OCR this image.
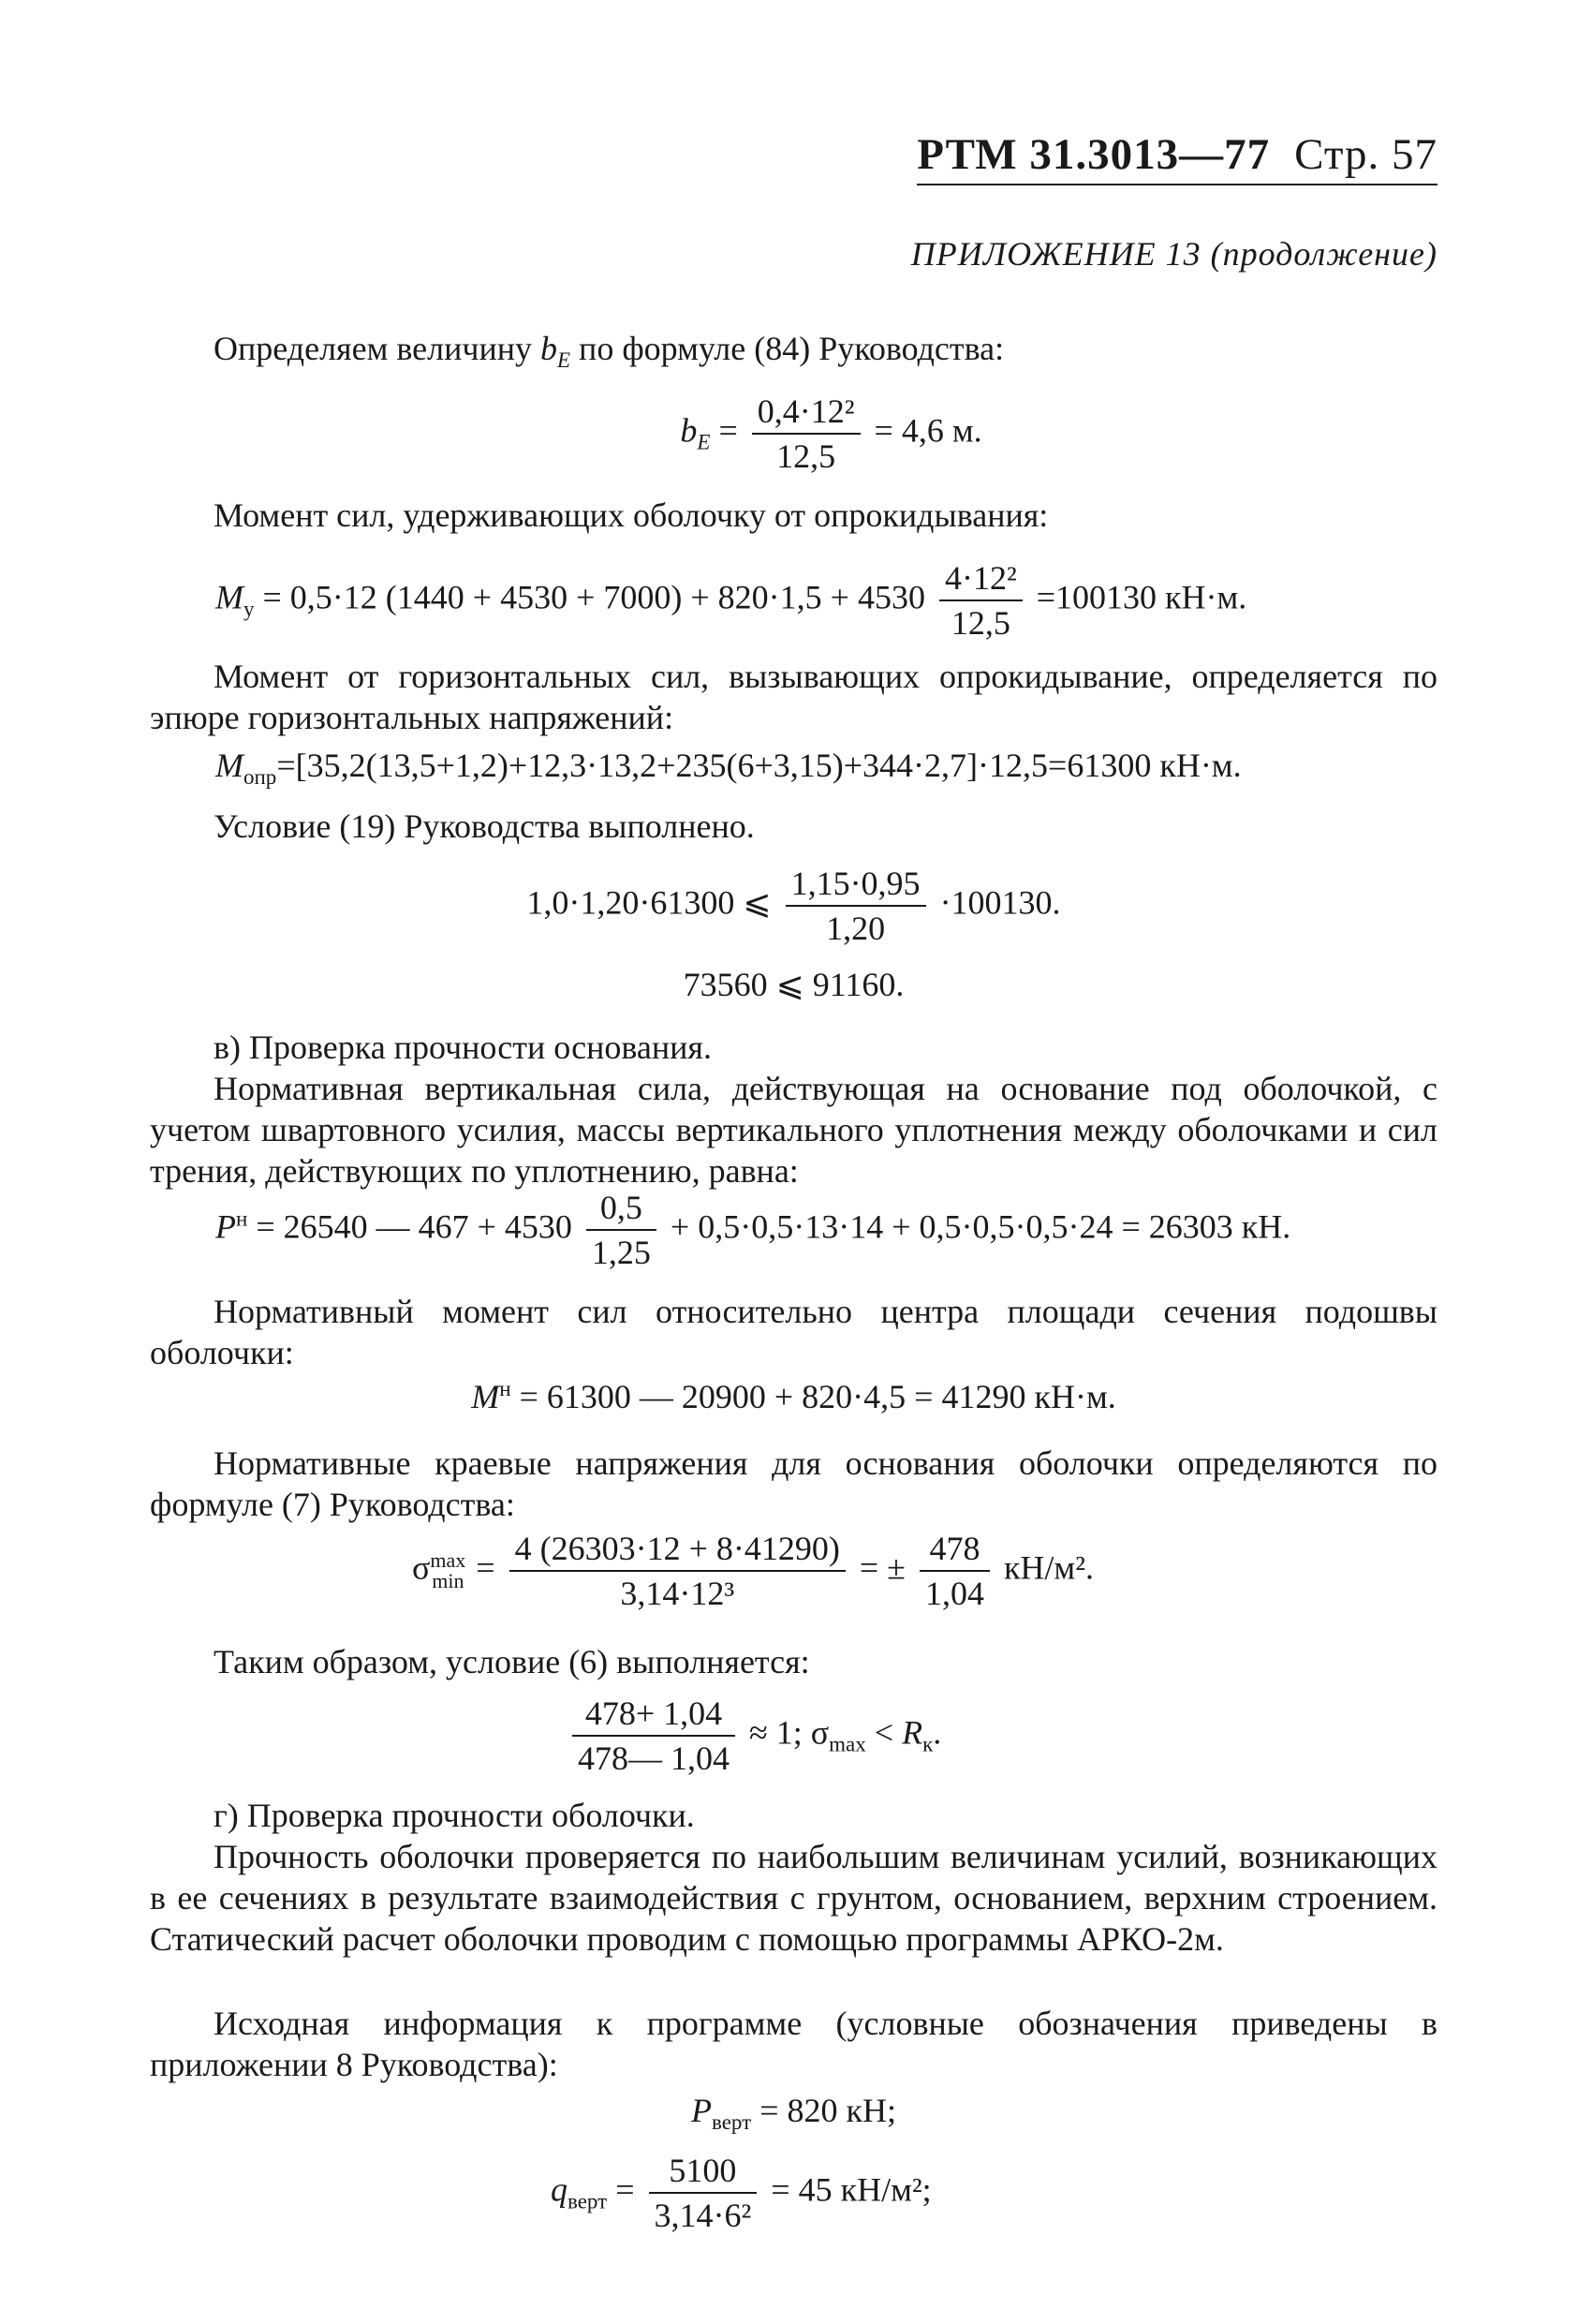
РТМ 31.3013—77 Стр. 57
ПРИЛОЖЕНИЕ 13 (продолжение)
Определяем величину $b_E$ по формуле (84) Руководства:
$b_E = \frac{\text{0,4·12²}}{12,5} = 4,6$ м.
Момент сил, удерживающих оболочку от опрокидывания:
$M_у = 0,5\cdot 12$ $(1440 + 4530 + 7000) + 820\cdot 1,5 + 4530 \frac{\text{4·12²}}{12,5} =100130$ кН·м.
Момент от горизонтальных сил, вызывающих опрокидывание, определяется по эпюре горизонтальных напряжений:
$M_{опр}=[35,2(13,5+1,2)+12,3\cdot 13,2+235(6+3,15)+344\cdot 2,7]\cdot 12,5=61300$ кН·м.
Условие (19) Руководства выполнено.
1,0·1,20·61300 ⩽ $\frac{1,15\cdot 0,95}{1,20} \cdot 100130$.
73560 ⩽ 91160.
в) Проверка прочности основания.
Нормативная вертикальная сила, действующая на основание под оболочкой, с учетом швартовного усилия, массы вертикального уплотнения между оболочками и сил трения, действующих по уплотнению, равна:
$P^н = 26540$ — $467 + 4530 \frac{0,5}{1,25} + 0,5\cdot 0,5\cdot 13\cdot 14 + 0,5\cdot 0,5\cdot 0,5\cdot 24 = 26303$ кН.
Нормативный момент сил относительно центра площади сечения подошвы оболочки:
$M^н = 61300$ — 20900 + 820·4,5 = 41290 кН·м.
Нормативные краевые напряжения для основания оболочки определяются по формуле (7) Руководства:
σ max
$\min = \frac{4 (26303\cdot 12 + 8\cdot 41290)}{\text{3,14·12³}}$ = ± $\frac{478}{1,04} кН/м^2$.
Таким образом, условие (6) выполняется:
$\frac{478+ 1,04}{478— 1,04} \approx 1$; $\sigma_{max} < R_к$.
г) Проверка прочности оболочки.
Прочность оболочки проверяется по наибольшим величинам усилий, возникающих в ее сечениях в результате взаимодействия с грунтом, основанием, верхним строением. Статический расчет оболочки проводим с помощью программы АРКО-2м.
Исходная информация к программе (условные обозначения приведены в приложении 8 Руководства):
$P_{верт} = 820$ кН;
$q_{верт} = \frac{5100}{\text{3,14·6²}} = 45$ кН/м²;
